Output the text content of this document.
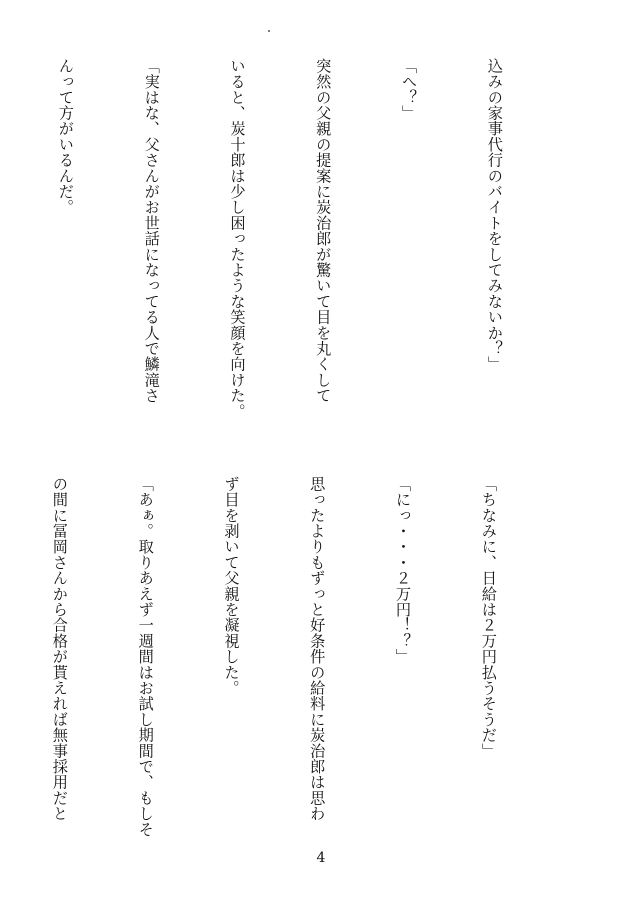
込みの家事代行のバイトをしてみないか？」

「へ？」

突然の父親の提案に炭治郎が驚いて目を丸くして

いると、炭十郎は少し困ったような笑顔を向けた。

「実はな、父さんがお世話になってる人で鱗滝さ

んって方がいるんだ。

「ちなみに、日給は２万円払うそうだ」

「にっ・・・２万円！？」

思ったよりもずっと好条件の給料に炭治郎は思わ

ず目を剥いて父親を凝視した。

「あぁ。取りあえず一週間はお試し期間で、もしそ

の間に冨岡さんから合格が貰えれば無事採用だと

4
